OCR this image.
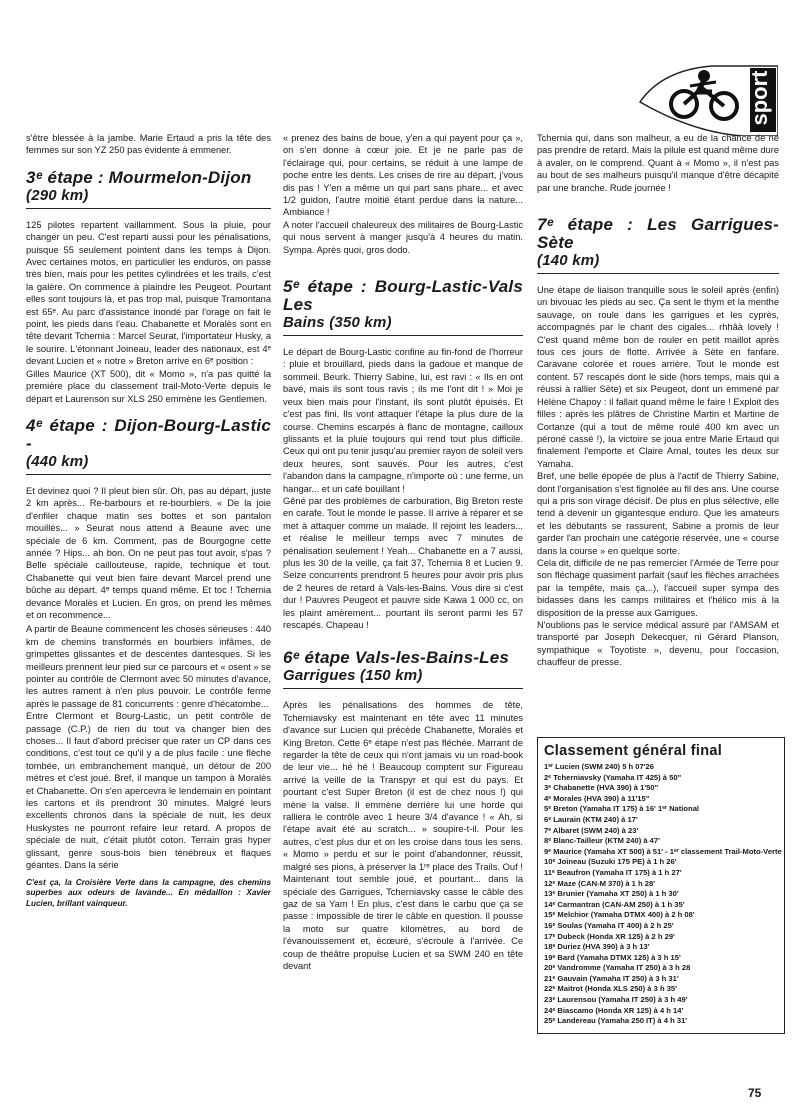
sport

s'être blessée à la jambe. Marie Ertaud a pris la tête des femmes sur son YZ 250 pas évidente à emmener.

3ᵉ étape : Mourmelon-Dijon
(290 km)

125 pilotes repartent vaillamment. Sous la pluie, pour changer un peu. C'est reparti aussi pour les pénalisations, puisque 55 seulement pointent dans les temps à Dijon. Avec certaines motos, en particulier les enduros, on passe très bien, mais pour les petites cylindrées et les trails, c'est la galère. On commence à plaindre les Peugeot. Pourtant elles sont toujours là, et pas trop mal, puisque Tramontana est 65ᵉ. Au parc d'assistance inondé par l'orage on fait le point, les pieds dans l'eau. Chabanette et Moralès sont en tête devant Tchernia : Marcel Seurat, l'importateur Husky, a le sourire. L'étonnant Joineau, leader des nationaux, est 4ᵉ devant Lucien et « notre » Breton arrive en 6ᵉ position :
Gilles Maurice (XT 500), dit « Momo », n'a pas quitté la première place du classement trail-Moto-Verte depuis le départ et Laurenson sur XLS 250 emmène les Gentlemen.

4ᵉ étape : Dijon-Bourg-Lastic -
(440 km)

Et devinez quoi ? Il pleut bien sûr. Oh, pas au départ, juste 2 km après... Re-barbours et re-bourbiers. « De la joie d'enfiler chaque matin ses bottes et son pantalon mouillés... » Seurat nous attend à Beaune avec une spéciale de 6 km. Comment, pas de Bourgogne cette année ? Hips... ah bon. On ne peut pas tout avoir, s'pas ? Belle spéciale caillouteuse, rapide, technique et tout. Chabanette qui veut bien faire devant Marcel prend une bûche au départ. 4ᵉ temps quand même. Et toc ! Tchernia devance Moralès et Lucien. En gros, on prend les mêmes et on recommence...

A partir de Beaune commencent les choses sérieuses : 440 km de chemins transformés en bourbiers infâmes, de grimpettes glissantes et de descentes dantesques. Si les meilleurs prennent leur pied sur ce parcours et « osent » se pointer au contrôle de Clermont avec 50 minutes d'avance, les autres rament à n'en plus pouvoir. Le contrôle ferme après le passage de 81 concurrents : genre d'hécatombe...
Entre Clermont et Bourg-Lastic, un petit contrôle de passage (C.P.) de rien du tout va changer bien des choses... Il faut d'abord préciser que rater un CP dans ces conditions, c'est tout ce qu'il y a de plus facile : une flèche tombée, un embranchement manqué, un détour de 200 mètres et c'est joué. Bref, il manque un tampon à Moralès et Chabanette. On s'en apercevra le lendemain en pointant les cartons et ils prendront 30 minutes. Malgré leurs excellents chronos dans la spéciale de nuit, les deux Huskystes ne pourront refaire leur retard. A propos de spéciale de nuit, c'était plutôt coton. Terrain gras hyper glissant, genre sous-bois bien ténébreux et flaques géantes. Dans la série

C'est ça, la Croisière Verte dans la campagne, des chemins superbes aux odeurs de lavande... En médaillon : Xavier Lucien, brillant vainqueur.

« prenez des bains de boue, y'en a qui payent pour ça », on s'en donne à cœur joie. Et je ne parle pas de l'éclairage qui, pour certains, se réduit à une lampe de poche entre les dents. Les crises de rire au départ, j'vous dis pas ! Y'en a même un qui part sans phare... et avec 1/2 guidon, l'autre moitié étant perdue dans la nature... Ambiance !
A noter l'accueil chaleureux des militaires de Bourg-Lastic qui nous servent à manger jusqu'à 4 heures du matin. Sympa. Après quoi, gros dodo.

5ᵉ étape : Bourg-Lastic-Vals Les
Bains (350 km)

Le départ de Bourg-Lastic confine au fin-fond de l'horreur : pluie et brouillard, pieds dans la gadoue et manque de sommeil. Beurk. Thierry Sabine, lui, est ravi : « Ils en ont bavé, mais ils sont tous ravis ; ils me l'ont dit ! » Moi je veux bien mais pour l'instant, ils sont plutôt épuisés. Et c'est pas fini. Ils vont attaquer l'étape la plus dure de la course. Chemins escarpés à flanc de montagne, cailloux glissants et la pluie toujours qui rend tout plus difficile. Ceux qui ont pu tenir jusqu'au premier rayon de soleil vers deux heures, sont sauvés. Pour les autres, c'est l'abandon dans la campagne, n'importe où : une ferme, un hangar... et un café bouillant !
Gêné par des problèmes de carburation, Big Breton reste en carafe. Tout le monde le passe. Il arrive à réparer et se met à attaquer comme un malade. Il rejoint les leaders... et réalise le meilleur temps avec 7 minutes de pénalisation seulement ! Yeah... Chabanette en a 7 aussi, plus les 30 de la veille, ça fait 37, Tchernia 8 et Lucien 9. Seize concurrents prendront 5 heures pour avoir pris plus de 2 heures de retard à Vals-les-Bains. Vous dire si c'est dur ! Pauvres Peugeot et pauvre side Kawa 1 000 cc, on les plaint amèrement... pourtant ils seront parmi les 57 rescapés. Chapeau !

6ᵉ étape Vals-les-Bains-Les
Garrigues (150 km)

Après les pénalisations des hommes de tête, Tcherniavsky est maintenant en tête avec 11 minutes d'avance sur Lucien qui précède Chabanette, Moralès et King Breton. Cette 6ᵉ étape n'est pas fléchée. Marrant de regarder la tête de ceux qui n'ont jamais vu un road-book de leur vie... hé hé ! Beaucoup comptent sur Figureau arrivé la veille de la Transpyr et qui est du pays. Et pourtant c'est Super Breton (il est de chez nous !) qui mène la valse. Il emmène derrière lui une horde qui ralliera le contrôle avec 1 heure 3/4 d'avance ! « Ah, si l'étape avait été au scratch... » soupire-t-il. Pour les autres, c'est plus dur et on les croise dans tous les sens. « Momo » perdu et sur le point d'abandonner, réussit, malgré ses pions, à préserver la 1ʳᵉ place des Trails. Ouf ! Maintenant tout semble joué, et pourtant... dans la spéciale des Garrigues, Tcherniavsky casse le câble des gaz de sa Yam ! En plus, c'est dans le carbu que ça se passe : impossible de tirer le câble en question. Il pousse la moto sur quatre kilomètres, au bord de l'évanouissement et, écœuré, s'écroule à l'arrivée. Ce coup de théâtre propulse Lucien et sa SWM 240 en tête devant

Tchernia qui, dans son malheur, a eu de la chance de ne pas prendre de retard. Mais la pilule est quand même dure à avaler, on le comprend. Quant à « Momo », il n'est pas au bout de ses malheurs puisqu'il manque d'être décapité par une branche. Rude journée !

7ᵉ étape : Les Garrigues-Sète
(140 km)

Une étape de liaison tranquille sous le soleil après (enfin) un bivouac les pieds au sec. Ça sent le thym et la menthe sauvage, on roule dans les garrigues et les cyprès, accompagnés par le chant des cigales... rhhâà lovely ! C'est quand même bon de rouler en petit maillot après tous ces jours de flotte. Arrivée à Sète en fanfare. Caravane colorée et roues arrière. Tout le monde est content. 57 rescapés dont le side (hors temps, mais qui a réussi à rallier Sète) et six Peugeot, dont un emmené par Hélène Chapoy : il fallait quand même le faire ! Exploit des filles : après les plâtres de Christine Martin et Martine de Cortanze (qui a tout de même roulé 400 km avec un péroné cassé !), la victoire se joua entre Marie Ertaud qui finalement l'emporte et Claire Arnal, toutes les deux sur Yamaha.
Bref, une belle épopée de plus à l'actif de Thierry Sabine, dont l'organisation s'est fignolée au fil des ans. Une course qui a pris son virage décisif. De plus en plus sélective, elle tend à devenir un gigantesque enduro. Que les amateurs et les débutants se rassurent, Sabine a promis de leur garder l'an prochain une catégorie réservée, une « course dans la course » en quelque sorte.
Cela dit, difficile de ne pas remercier l'Armée de Terre pour son fléchage quasiment parfait (sauf les flèches arrachées par la tempête, mais ça...), l'accueil super sympa des bidasses dans les camps militaires et l'hélico mis à la disposition de la presse aux Garrigues.
N'oublions pas le service médical assuré par l'AMSAM et transporté par Joseph Dekecquer, ni Gérard Planson, sympathique « Toyotiste », devenu, pour l'occasion, chauffeur de presse.

Classement général final
1ᵉʳ Lucien (SWM 240) 5 h 07'26
2ᵉ Tcherniavsky (Yamaha IT 425) à 50"
3ᵉ Chabanette (HVA 390) à 1'50"
4ᵉ Morales (HVA 390) à 11'15"
5ᵉ Breton (Yamaha IT 175) à 16' 1ᵉʳ National
6ᵉ Laurain (KTM 240) à 17'
7ᵉ Albaret (SWM 240) à 23'
8ᵉ Blanc-Tailleur (KTM 240) à 47'
9ᵉ Maurice (Yamaha XT 500) à 51' - 1ᵉʳ classement Trail-Moto-Verte
10ᵉ Joineau (Suzuki 175 PE) à 1 h 26'
11ᵉ Beaufron (Yamaha IT 175) à 1 h 27'
12ᵉ Maze (CAN-M 370) à 1 h 28'
13ᵉ Brunier (Yamaha XT 250) à 1 h 30'
14ᵉ Carmantran (CAN-AM 250) à 1 h 35'
15ᵉ Melchior (Yamaha DTMX 400) à 2 h 08'
16ᵉ Soulas (Yamaha IT 400) à 2 h 25'
17ᵉ Dubeck (Honda XR 125) à 2 h 29'
18ᵉ Duriez (HVA 390) à 3 h 13'
19ᵉ Bard (Yamaha DTMX 125) à 3 h 15'
20ᵉ Vandromme (Yamaha IT 250) à 3 h 28
21ᵉ Gauvain (Yamaha IT 250) à 3 h 31'
22ᵉ Maitrot (Honda XLS 250) à 3 h 35'
23ᵉ Laurensou (Yamaha IT 250) à 3 h 49'
24ᵉ Biascamo (Honda XR 125) à 4 h 14'
25ᵉ Landereau (Yamaha 250 IT) à 4 h 31'
75
